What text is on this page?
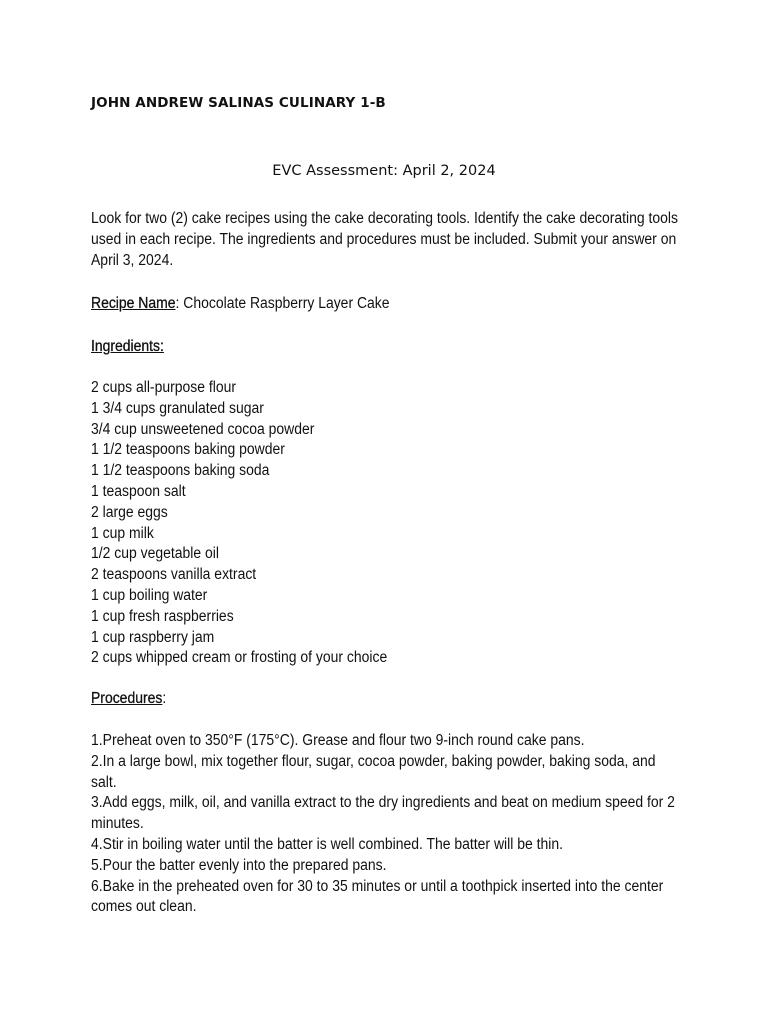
JOHN ANDREW SALINAS CULINARY 1-B
EVC Assessment: April 2, 2024
Look for two (2) cake recipes using the cake decorating tools. Identify the cake decorating tools used in each recipe. The ingredients and procedures must be included. Submit your answer on April 3, 2024.
Recipe Name: Chocolate Raspberry Layer Cake
Ingredients:
2 cups all-purpose flour
1 3/4 cups granulated sugar
3/4 cup unsweetened cocoa powder
1 1/2 teaspoons baking powder
1 1/2 teaspoons baking soda
1 teaspoon salt
2 large eggs
1 cup milk
1/2 cup vegetable oil
2 teaspoons vanilla extract
1 cup boiling water
1 cup fresh raspberries
1 cup raspberry jam
2 cups whipped cream or frosting of your choice
Procedures:
1.Preheat oven to 350°F (175°C). Grease and flour two 9-inch round cake pans.
2.In a large bowl, mix together flour, sugar, cocoa powder, baking powder, baking soda, and salt.
3.Add eggs, milk, oil, and vanilla extract to the dry ingredients and beat on medium speed for 2 minutes.
4.Stir in boiling water until the batter is well combined. The batter will be thin.
5.Pour the batter evenly into the prepared pans.
6.Bake in the preheated oven for 30 to 35 minutes or until a toothpick inserted into the center comes out clean.
